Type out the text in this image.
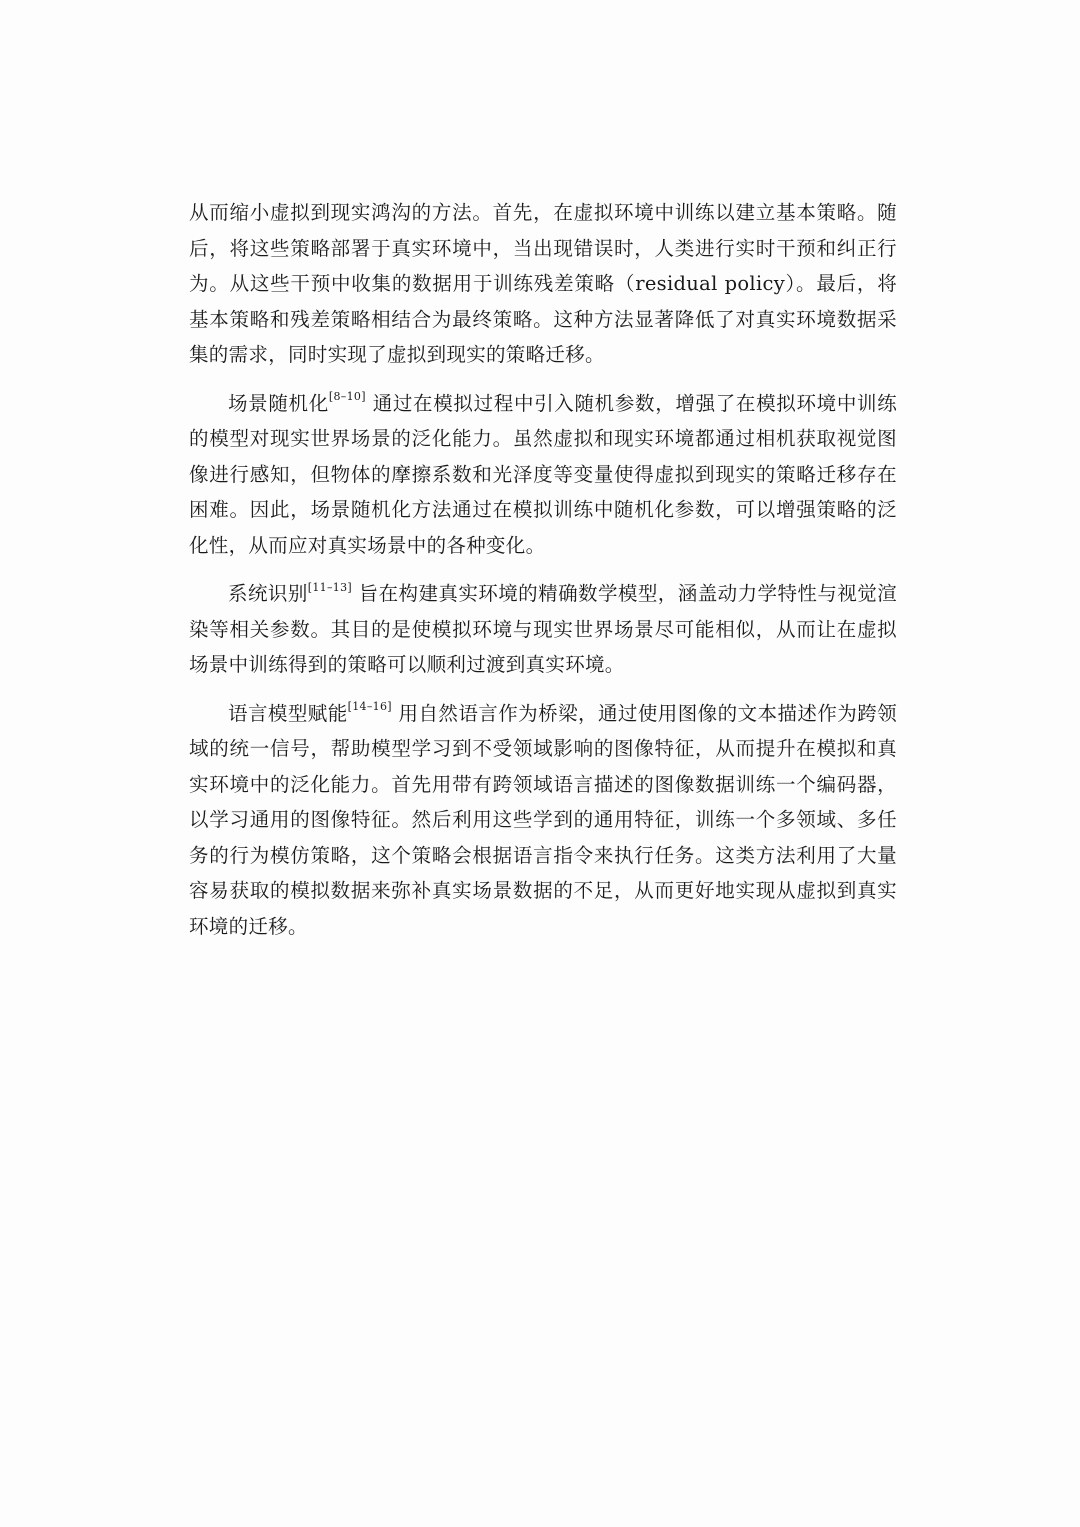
从而缩小虚拟到现实鸿沟的方法。首先，在虚拟环境中训练以建立基本策略。随后，将这些策略部署于真实环境中，当出现错误时，人类进行实时干预和纠正行为。从这些干预中收集的数据用于训练残差策略（residual policy）。最后，将基本策略和残差策略相结合为最终策略。这种方法显著降低了对真实环境数据采集的需求，同时实现了虚拟到现实的策略迁移。

场景随机化[8–10] 通过在模拟过程中引入随机参数，增强了在模拟环境中训练的模型对现实世界场景的泛化能力。虽然虚拟和现实环境都通过相机获取视觉图像进行感知，但物体的摩擦系数和光泽度等变量使得虚拟到现实的策略迁移存在困难。因此，场景随机化方法通过在模拟训练中随机化参数，可以增强策略的泛化性，从而应对真实场景中的各种变化。

系统识别[11–13] 旨在构建真实环境的精确数学模型，涵盖动力学特性与视觉渲染等相关参数。其目的是使模拟环境与现实世界场景尽可能相似，从而让在虚拟场景中训练得到的策略可以顺利过渡到真实环境。

语言模型赋能[14–16] 用自然语言作为桥梁，通过使用图像的文本描述作为跨领域的统一信号，帮助模型学习到不受领域影响的图像特征，从而提升在模拟和真实环境中的泛化能力。首先用带有跨领域语言描述的图像数据训练一个编码器，以学习通用的图像特征。然后利用这些学到的通用特征，训练一个多领域、多任务的行为模仿策略，这个策略会根据语言指令来执行任务。这类方法利用了大量容易获取的模拟数据来弥补真实场景数据的不足，从而更好地实现从虚拟到真实环境的迁移。
